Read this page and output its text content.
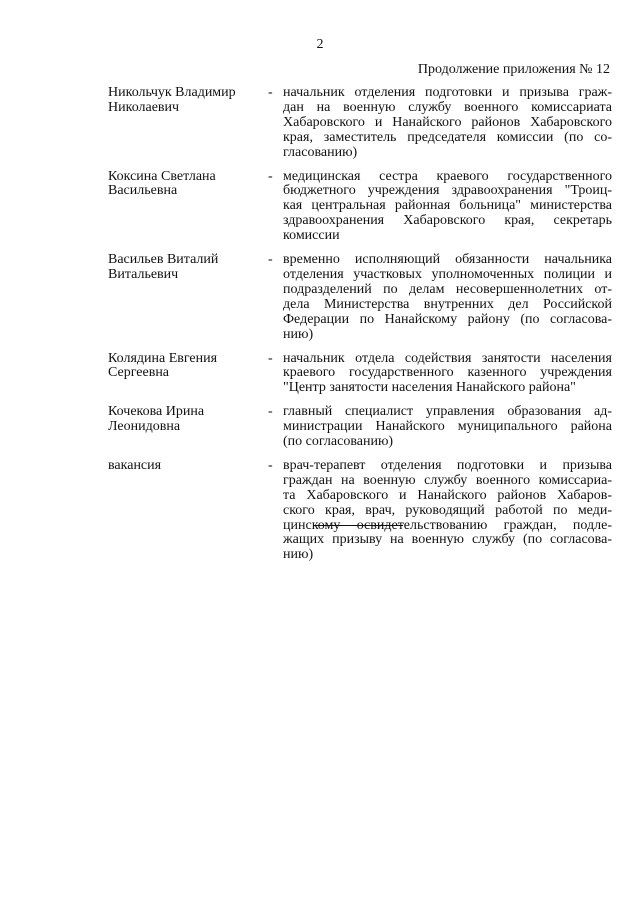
2
Продолжение приложения № 12
Никольчук Владимир
Николаевич
- начальник отделения подготовки и призыва граж-
дан на военную службу военного комиссариата
Хабаровского и Нанайского районов Хабаровского
края, заместитель председателя комиссии (по со-
гласованию)
Коксина Светлана
Васильевна
- медицинская сестра краевого государственного
бюджетного учреждения здравоохранения "Троиц-
кая центральная районная больница" министерства
здравоохранения Хабаровского края, секретарь
комиссии
Васильев Виталий
Витальевич
- временно исполняющий обязанности начальника
отделения участковых уполномоченных полиции и
подразделений по делам несовершеннолетних от-
дела Министерства внутренних дел Российской
Федерации по Нанайскому району (по согласова-
нию)
Колядина Евгения
Сергеевна
- начальник отдела содействия занятости населения
краевого государственного казенного учреждения
"Центр занятости населения Нанайского района"
Кочекова Ирина
Леонидовна
- главный специалист управления образования ад-
министрации Нанайского муниципального района
(по согласованию)
вакансия	- врач-терапевт отделения подготовки и призыва
граждан на военную службу военного комиссариа-
та Хабаровского и Нанайского районов Хабаров-
ского края, врач, руководящий работой по меди-
цинскому освидетельствованию граждан, подле-
жащих призыву на военную службу (по согласова-
нию)
